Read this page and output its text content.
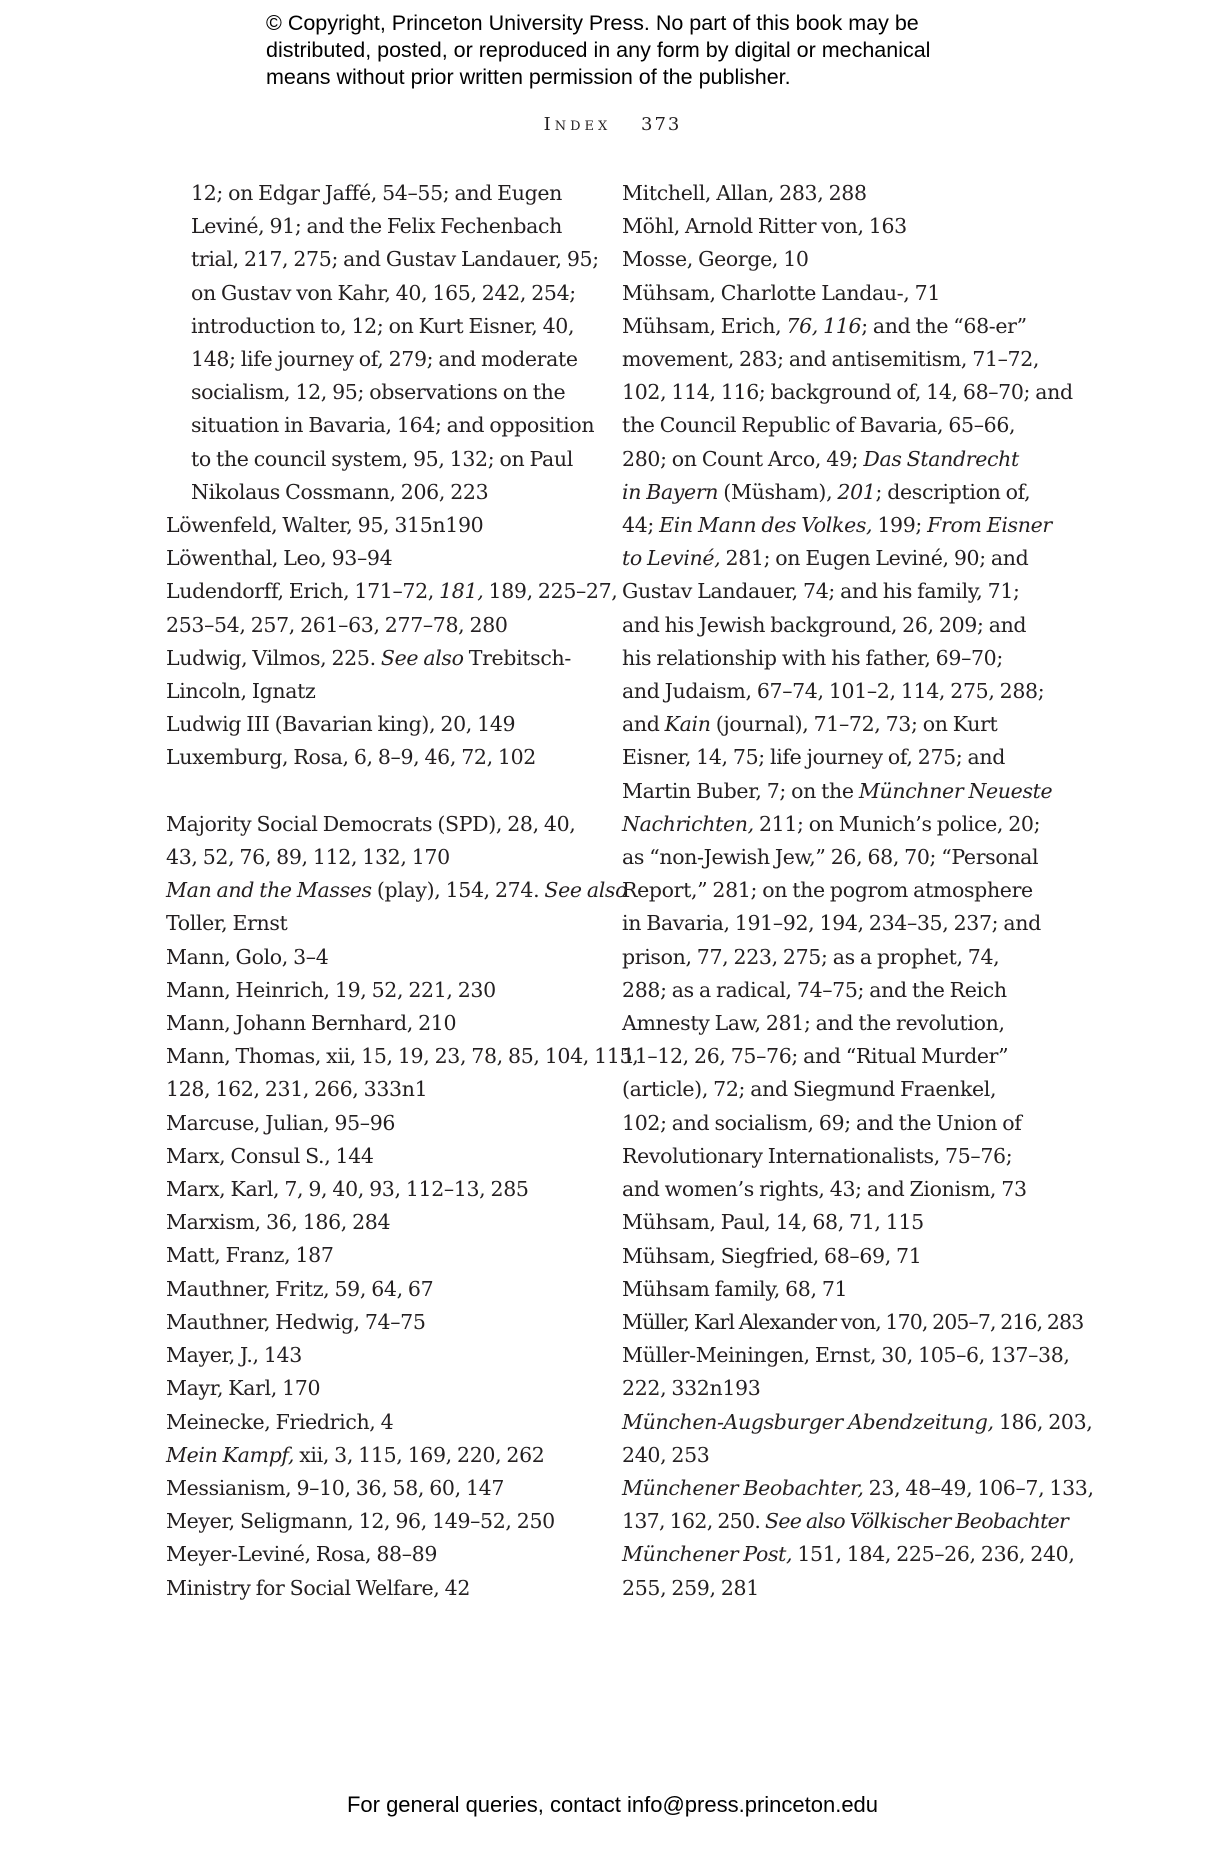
© Copyright, Princeton University Press. No part of this book may be
distributed, posted, or reproduced in any form by digital or mechanical
means without prior written permission of the publisher.
Index 373
12; on Edgar Jaffé, 54–55; and Eugen
Leviné, 91; and the Felix Fechenbach
trial, 217, 275; and Gustav Landauer, 95;
on Gustav von Kahr, 40, 165, 242, 254;
introduction to, 12; on Kurt Eisner, 40,
148; life journey of, 279; and moderate
socialism, 12, 95; observations on the
situation in Bavaria, 164; and opposition
to the council system, 95, 132; on Paul
Nikolaus Cossmann, 206, 223
Löwenfeld, Walter, 95, 315n190
Löwenthal, Leo, 93–94
Ludendorff, Erich, 171–72, 181, 189, 225–27,
253–54, 257, 261–63, 277–78, 280
Ludwig, Vilmos, 225. See also Trebitsch-
Lincoln, Ignatz
Ludwig III (Bavarian king), 20, 149
Luxemburg, Rosa, 6, 8–9, 46, 72, 102
Majority Social Democrats (SPD), 28, 40,
43, 52, 76, 89, 112, 132, 170
Man and the Masses (play), 154, 274. See also
Toller, Ernst
Mann, Golo, 3–4
Mann, Heinrich, 19, 52, 221, 230
Mann, Johann Bernhard, 210
Mann, Thomas, xii, 15, 19, 23, 78, 85, 104, 115,
128, 162, 231, 266, 333n1
Marcuse, Julian, 95–96
Marx, Consul S., 144
Marx, Karl, 7, 9, 40, 93, 112–13, 285
Marxism, 36, 186, 284
Matt, Franz, 187
Mauthner, Fritz, 59, 64, 67
Mauthner, Hedwig, 74–75
Mayer, J., 143
Mayr, Karl, 170
Meinecke, Friedrich, 4
Mein Kampf, xii, 3, 115, 169, 220, 262
Messianism, 9–10, 36, 58, 60, 147
Meyer, Seligmann, 12, 96, 149–52, 250
Meyer-Leviné, Rosa, 88–89
Ministry for Social Welfare, 42
Mitchell, Allan, 283, 288
Möhl, Arnold Ritter von, 163
Mosse, George, 10
Mühsam, Charlotte Landau-, 71
Mühsam, Erich, 76, 116; and the “68-er”
movement, 283; and antisemitism, 71–72,
102, 114, 116; background of, 14, 68–70; and
the Council Republic of Bavaria, 65–66,
280; on Count Arco, 49; Das Standrecht
in Bayern (Müsham), 201; description of,
44; Ein Mann des Volkes, 199; From Eisner
to Leviné, 281; on Eugen Leviné, 90; and
Gustav Landauer, 74; and his family, 71;
and his Jewish background, 26, 209; and
his relationship with his father, 69–70;
and Judaism, 67–74, 101–2, 114, 275, 288;
and Kain (journal), 71–72, 73; on Kurt
Eisner, 14, 75; life journey of, 275; and
Martin Buber, 7; on the Münchner Neueste
Nachrichten, 211; on Munich’s police, 20;
as “non-Jewish Jew,” 26, 68, 70; “Personal
Report,” 281; on the pogrom atmosphere
in Bavaria, 191–92, 194, 234–35, 237; and
prison, 77, 223, 275; as a prophet, 74,
288; as a radical, 74–75; and the Reich
Amnesty Law, 281; and the revolution,
11–12, 26, 75–76; and “Ritual Murder”
(article), 72; and Siegmund Fraenkel,
102; and socialism, 69; and the Union of
Revolutionary Internationalists, 75–76;
and women’s rights, 43; and Zionism, 73
Mühsam, Paul, 14, 68, 71, 115
Mühsam, Siegfried, 68–69, 71
Mühsam family, 68, 71
Müller, Karl Alexander von, 170, 205–7, 216, 283
Müller-Meiningen, Ernst, 30, 105–6, 137–38,
222, 332n193
München-Augsburger Abendzeitung, 186, 203,
240, 253
Münchener Beobachter, 23, 48–49, 106–7, 133,
137, 162, 250. See also Völkischer Beobachter
Münchener Post, 151, 184, 225–26, 236, 240,
255, 259, 281
For general queries, contact info@press.princeton.edu
